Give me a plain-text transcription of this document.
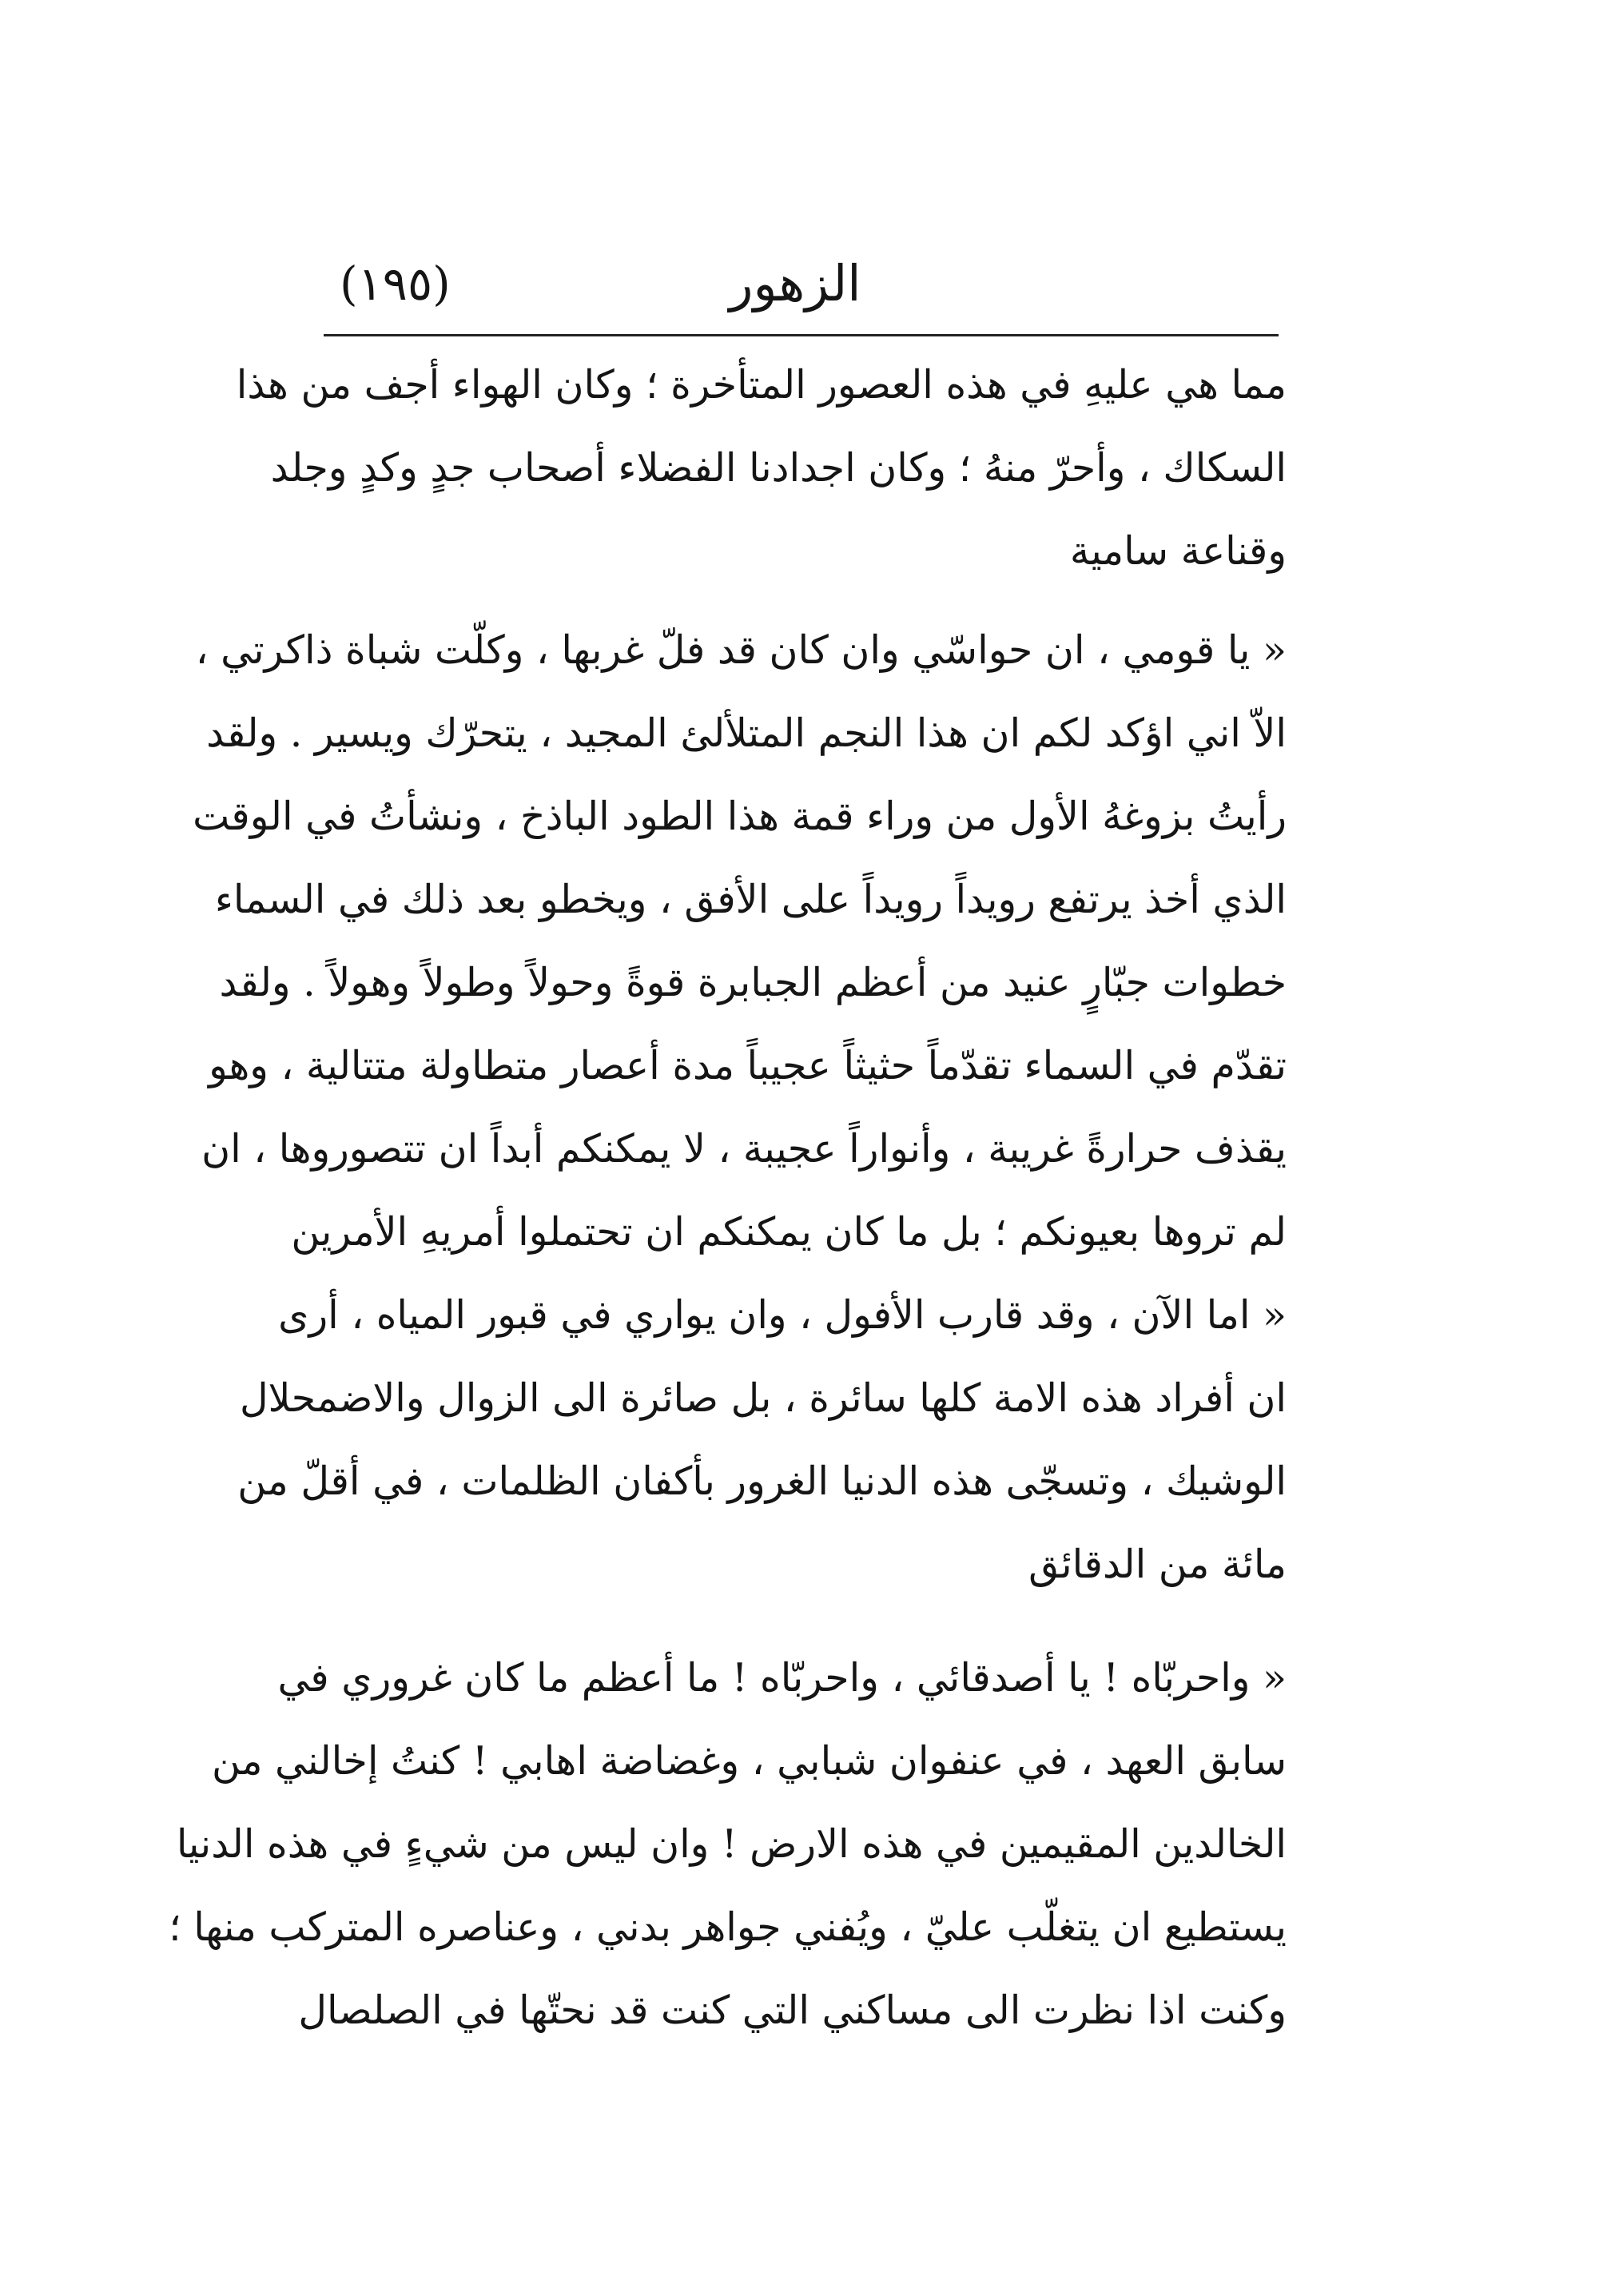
الزهور
(١٩٥)
مما هي عليهِ في هذه العصور المتأخرة ؛ وكان الهواء أجف من هذا
السكاك ، وأحرّ منهُ ؛ وكان اجدادنا الفضلاء أصحاب جدٍ وكدٍ وجلد
وقناعة سامية
« يا قومي ، ان حواسّي وان كان قد فلّ غربها ، وكلّت شباة ذاكرتي ،
الاّ اني اؤكد لكم ان هذا النجم المتلألئ المجيد ، يتحرّك ويسير . ولقد
رأيتُ بزوغهُ الأول من وراء قمة هذا الطود الباذخ ، ونشأتُ في الوقت
الذي أخذ يرتفع رويداً رويداً على الأفق ، ويخطو بعد ذلك في السماء
خطوات جبّارٍ عنيد من أعظم الجبابرة قوةً وحولاً وطولاً وهولاً . ولقد
تقدّم في السماء تقدّماً حثيثاً عجيباً مدة أعصار متطاولة متتالية ، وهو
يقذف حرارةً غريبة ، وأنواراً عجيبة ، لا يمكنكم أبداً ان تتصوروها ، ان
لم تروها بعيونكم ؛ بل ما كان يمكنكم ان تحتملوا أمريهِ الأمرين
« اما الآن ، وقد قارب الأفول ، وان يواري في قبور المياه ، أرى
ان أفراد هذه الامة كلها سائرة ، بل صائرة الى الزوال والاضمحلال
الوشيك ، وتسجّى هذه الدنيا الغرور بأكفان الظلمات ، في أقلّ من
مائة من الدقائق
« واحربّاه ! يا أصدقائي ، واحربّاه ! ما أعظم ما كان غروري في
سابق العهد ، في عنفوان شبابي ، وغضاضة اهابي ! كنتُ إخالني من
الخالدين المقيمين في هذه الارض ! وان ليس من شيءٍ في هذه الدنيا
يستطيع ان يتغلّب عليّ ، ويُفني جواهر بدني ، وعناصره المتركب منها ؛
وكنت اذا نظرت الى مساكني التي كنت قد نحتّها في الصلصال
